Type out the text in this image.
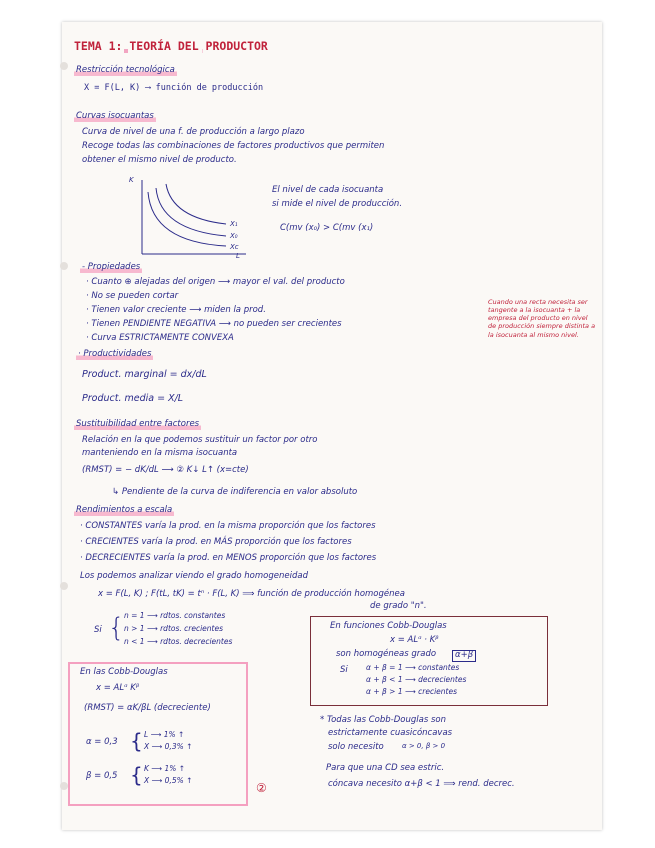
TEMA 1: TEORÍA DEL PRODUCTOR
Restricción tecnológica
X = F(L, K) ⟶ función de producción
Curvas isocuantas
Curva de nivel de una f. de producción a largo plazo
Recoge todas las combinaciones de factores productivos que permiten
obtener el mismo nivel de producto.
K
L
X₁
X₀
Xc
El nivel de cada isocuanta
si mide el nivel de producción.
C(mv (x₀) > C(mv (x₁)
- Propiedades
· Cuanto ⊕ alejadas del origen ⟶ mayor el val. del producto
· No se pueden cortar
· Tienen valor creciente ⟶ miden la prod.
· Tienen PENDIENTE NEGATIVA ⟶ no pueden ser crecientes
· Curva ESTRICTAMENTE CONVEXA
Cuando una recta necesita ser tangente a la isocuanta + la empresa del producto en nivel de producción siempre distinta a la isocuanta al mismo nivel.
· Productividades
Product. marginal = dx/dL
Product. media = X/L
Sustituibilidad entre factores
Relación en la que podemos sustituir un factor por otro
manteniendo en la misma isocuanta
(RMST) = − dK/dL ⟶ ② K↓ L↑ (x=cte)
↳ Pendiente de la curva de indiferencia en valor absoluto
Rendimientos a escala
· CONSTANTES varía la prod. en la misma proporción que los factores
· CRECIENTES varía la prod. en MÁS proporción que los factores
· DECRECIENTES varía la prod. en MENOS proporción que los factores
Los podemos analizar viendo el grado homogeneidad
x = F(L, K) ; F(tL, tK) = tⁿ · F(L, K) ⟹ función de producción homogénea
de grado "n".
Si { n = 1 ⟶ rdtos. constantes
n > 1 ⟶ rdtos. crecientes
n < 1 ⟶ rdtos. decrecientes
En funciones Cobb-Douglas
x = ALᵅ · Kᵝ
son homogéneas grado	α+β
Si α + β = 1 ⟶ constantes
α + β < 1 ⟶ decrecientes
α + β > 1 ⟶ crecientes
En las Cobb-Douglas
x = ALᵅ Kᵝ
(RMST) = αK/βL (decreciente)
α = 0,3 { L ⟶ 1% ↑
X ⟶ 0,3% ↑
β = 0,5 { K ⟶ 1% ↑
X ⟶ 0,5% ↑
* Todas las Cobb-Douglas son
estrictamente cuasicóncavas
solo necesito	α > 0, β > 0
Para que una CD sea estric.
cóncava necesito α+β < 1 ⟹ rend. decrec.
②
